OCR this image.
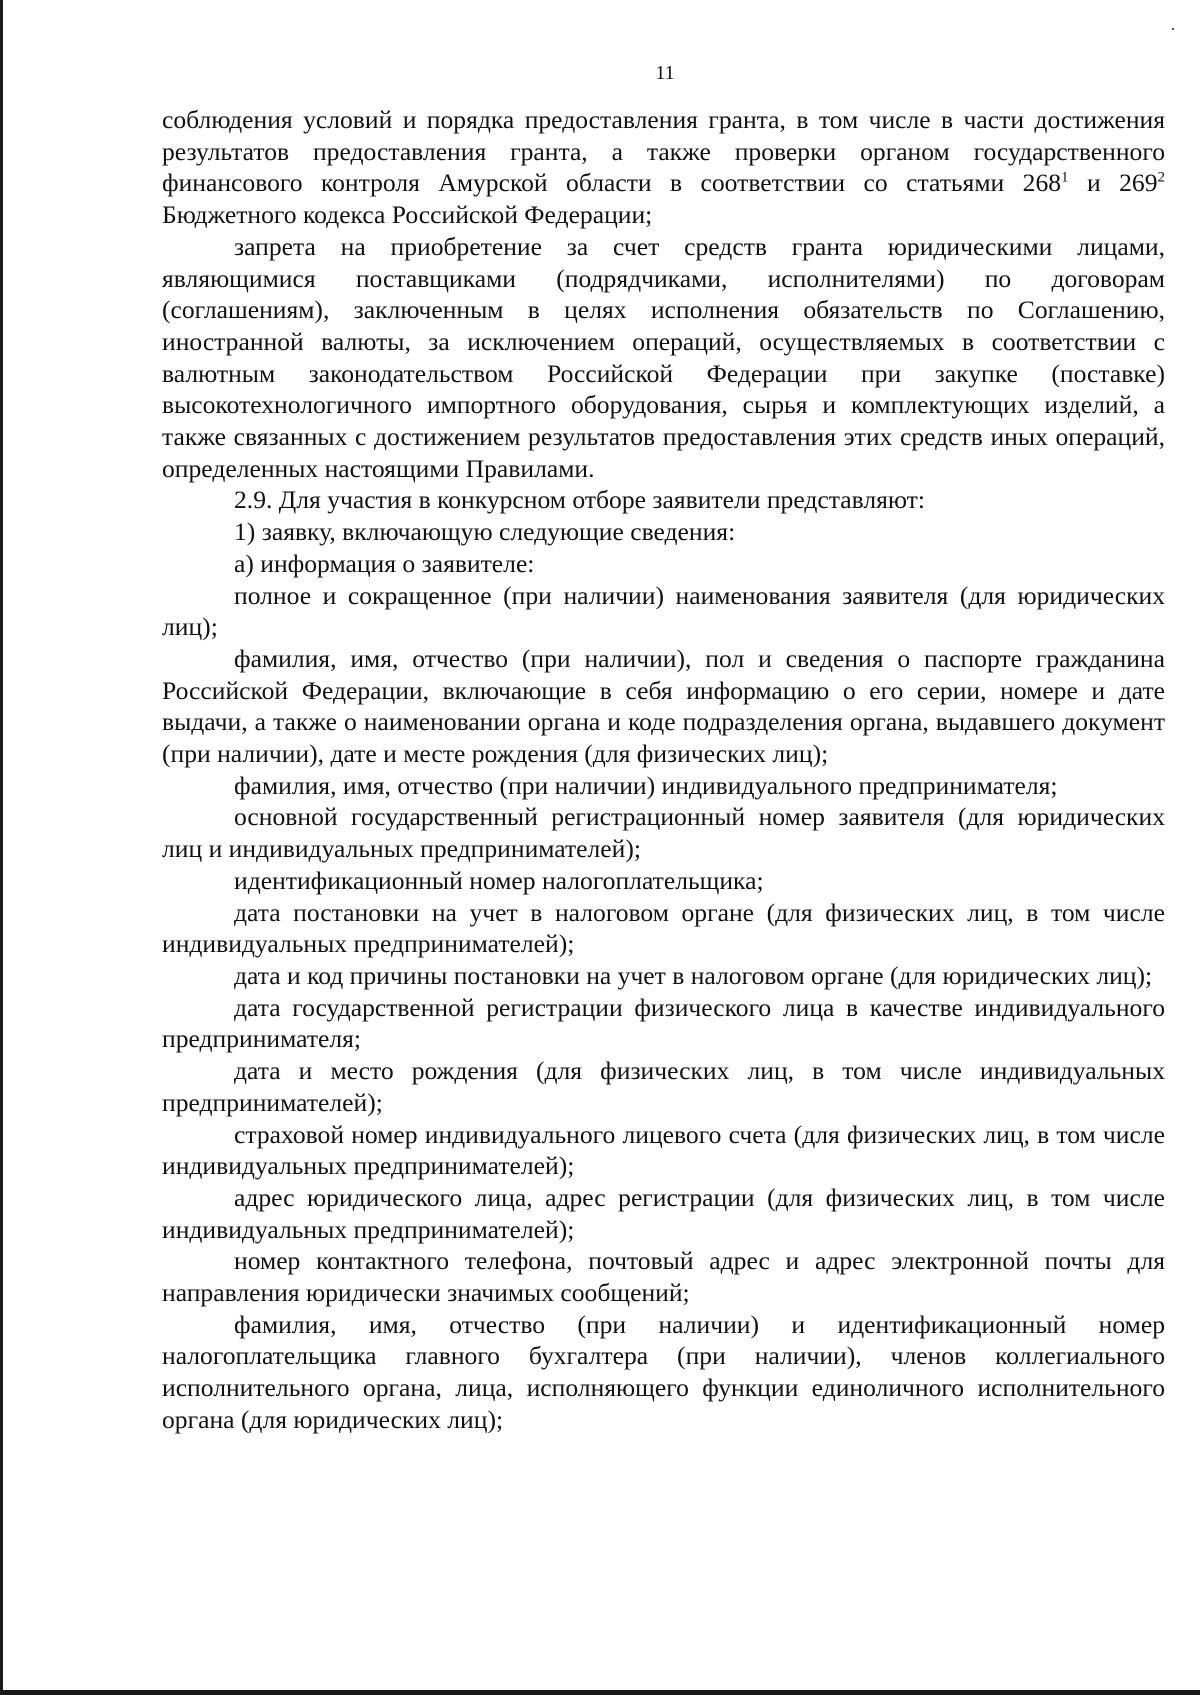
11

соблюдения условий и порядка предоставления гранта, в том числе в части достижения результатов предоставления гранта, а также проверки органом государственного финансового контроля Амурской области в соответствии со статьями $268^1$ и $269^2$ Бюджетного кодекса Российской Федерации;

запрета на приобретение за счет средств гранта юридическими лицами, являющимися поставщиками (подрядчиками, исполнителями) по договорам (соглашениям), заключенным в целях исполнения обязательств по Соглашению, иностранной валюты, за исключением операций, осуществляемых в соответствии с валютным законодательством Российской Федерации при закупке (поставке) высокотехнологичного импортного оборудования, сырья и комплектующих изделий, а также связанных с достижением результатов предоставления этих средств иных операций, определенных настоящими Правилами.

2.9. Для участия в конкурсном отборе заявители представляют:

1) заявку, включающую следующие сведения:

а) информация о заявителе:

полное и сокращенное (при наличии) наименования заявителя (для юридических лиц);

фамилия, имя, отчество (при наличии), пол и сведения о паспорте гражданина Российской Федерации, включающие в себя информацию о его серии, номере и дате выдачи, а также о наименовании органа и коде подразделения органа, выдавшего документ (при наличии), дате и месте рождения (для физических лиц);

фамилия, имя, отчество (при наличии) индивидуального предпринимателя;

основной государственный регистрационный номер заявителя (для юридических лиц и индивидуальных предпринимателей);

идентификационный номер налогоплательщика;

дата постановки на учет в налоговом органе (для физических лиц, в том числе индивидуальных предпринимателей);

дата и код причины постановки на учет в налоговом органе (для юридических лиц);

дата государственной регистрации физического лица в качестве индивидуального предпринимателя;

дата и место рождения (для физических лиц, в том числе индивидуальных предпринимателей);

страховой номер индивидуального лицевого счета (для физических лиц, в том числе индивидуальных предпринимателей);

адрес юридического лица, адрес регистрации (для физических лиц, в том числе индивидуальных предпринимателей);

номер контактного телефона, почтовый адрес и адрес электронной почты для направления юридически значимых сообщений;

фамилия, имя, отчество (при наличии) и идентификационный номер налогоплательщика главного бухгалтера (при наличии), членов коллегиального исполнительного органа, лица, исполняющего функции единоличного исполнительного органа (для юридических лиц);
